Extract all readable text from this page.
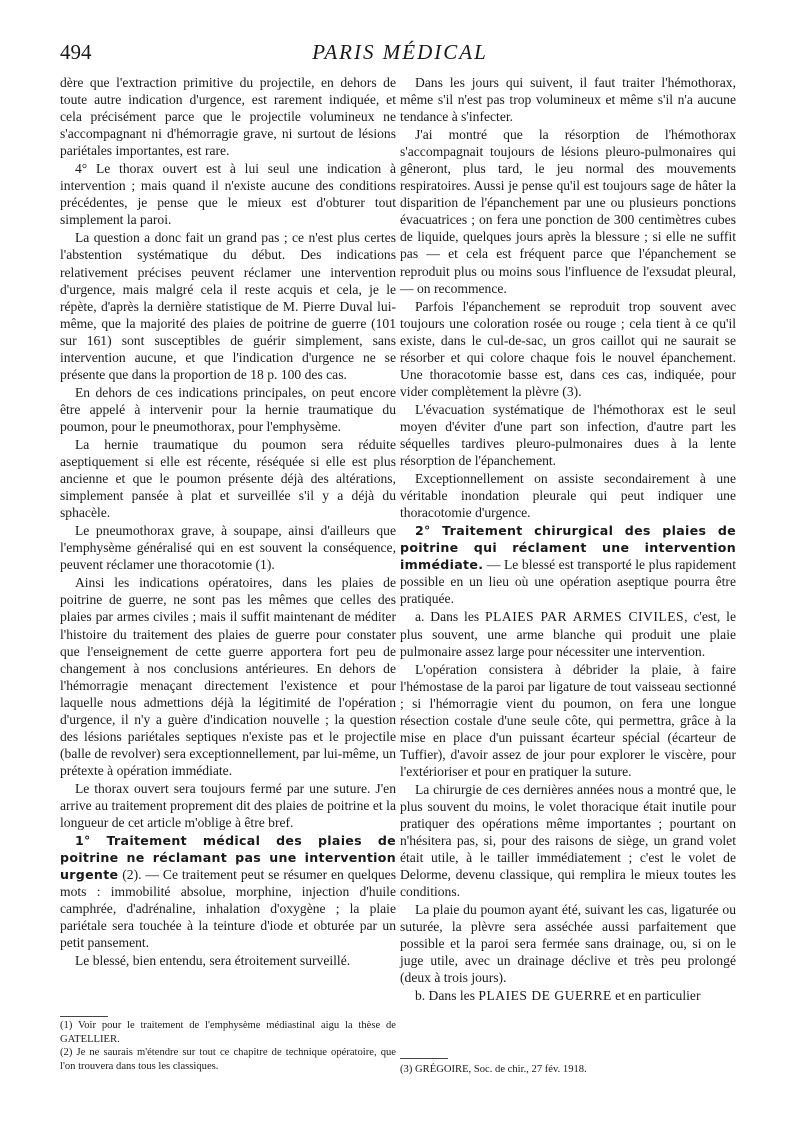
494	PARIS MÉDICAL

dère que l'extraction primitive du projectile, en dehors de toute autre indication d'urgence, est rarement indiquée, et cela précisément parce que le projectile volumineux ne s'accompagnant ni d'hémorragie grave, ni surtout de lésions pariétales importantes, est rare.

4° Le thorax ouvert est à lui seul une indication à intervention ; mais quand il n'existe aucune des conditions précédentes, je pense que le mieux est d'obturer tout simplement la paroi.

La question a donc fait un grand pas ; ce n'est plus certes l'abstention systématique du début. Des indications relativement précises peuvent réclamer une intervention d'urgence, mais malgré cela il reste acquis et cela, je le répète, d'après la dernière statistique de M. Pierre Duval lui-même, que la majorité des plaies de poitrine de guerre (101 sur 161) sont susceptibles de guérir simplement, sans intervention aucune, et que l'indication d'urgence ne se présente que dans la proportion de 18 p. 100 des cas.

En dehors de ces indications principales, on peut encore être appelé à intervenir pour la hernie traumatique du poumon, pour le pneumothorax, pour l'emphysème.

La hernie traumatique du poumon sera réduite aseptiquement si elle est récente, réséquée si elle est plus ancienne et que le poumon présente déjà des altérations, simplement pansée à plat et surveillée s'il y a déjà du sphacèle.

Le pneumothorax grave, à soupape, ainsi d'ailleurs que l'emphysème généralisé qui en est souvent la conséquence, peuvent réclamer une thoracotomie (1).

Ainsi les indications opératoires, dans les plaies de poitrine de guerre, ne sont pas les mêmes que celles des plaies par armes civiles ; mais il suffit maintenant de méditer l'histoire du traitement des plaies de guerre pour constater que l'enseignement de cette guerre apportera fort peu de changement à nos conclusions antérieures. En dehors de l'hémorragie menaçant directement l'existence et pour laquelle nous admettions déjà la légitimité de l'opération d'urgence, il n'y a guère d'indication nouvelle ; la question des lésions pariétales septiques n'existe pas et le projectile (balle de revolver) sera exceptionnellement, par lui-même, un prétexte à opération immédiate.

Le thorax ouvert sera toujours fermé par une suture. J'en arrive au traitement proprement dit des plaies de poitrine et la longueur de cet article m'oblige à être bref.

1° Traitement médical des plaies de poitrine ne réclamant pas une intervention urgente (2). — Ce traitement peut se résumer en quelques mots : immobilité absolue, morphine, injection d'huile camphrée, d'adrénaline, inhalation d'oxygène ; la plaie pariétale sera touchée à la teinture d'iode et obturée par un petit pansement.

Le blessé, bien entendu, sera étroitement surveillé.

(1) Voir pour le traitement de l'emphysème médiastinal aigu la thèse de GATELLIER.

(2) Je ne saurais m'étendre sur tout ce chapitre de technique opératoire, que l'on trouvera dans tous les classiques.

Dans les jours qui suivent, il faut traiter l'hémothorax, même s'il n'est pas trop volumineux et même s'il n'a aucune tendance à s'infecter.

J'ai montré que la résorption de l'hémothorax s'accompagnait toujours de lésions pleuro-pulmonaires qui gêneront, plus tard, le jeu normal des mouvements respiratoires. Aussi je pense qu'il est toujours sage de hâter la disparition de l'épanchement par une ou plusieurs ponctions évacuatrices ; on fera une ponction de 300 centimètres cubes de liquide, quelques jours après la blessure ; si elle ne suffit pas — et cela est fréquent parce que l'épanchement se reproduit plus ou moins sous l'influence de l'exsudat pleural, — on recommence.

Parfois l'épanchement se reproduit trop souvent avec toujours une coloration rosée ou rouge ; cela tient à ce qu'il existe, dans le cul-de-sac, un gros caillot qui ne saurait se résorber et qui colore chaque fois le nouvel épanchement. Une thoracotomie basse est, dans ces cas, indiquée, pour vider complètement la plèvre (3).

L'évacuation systématique de l'hémothorax est le seul moyen d'éviter d'une part son infection, d'autre part les séquelles tardives pleuro-pulmonaires dues à la lente résorption de l'épanchement.

Exceptionnellement on assiste secondairement à une véritable inondation pleurale qui peut indiquer une thoracotomie d'urgence.

2° Traitement chirurgical des plaies de poitrine qui réclament une intervention immédiate. — Le blessé est transporté le plus rapidement possible en un lieu où une opération aseptique pourra être pratiquée.

a. Dans les PLAIES PAR ARMES CIVILES, c'est, le plus souvent, une arme blanche qui produit une plaie pulmonaire assez large pour nécessiter une intervention.

L'opération consistera à débrider la plaie, à faire l'hémostase de la paroi par ligature de tout vaisseau sectionné ; si l'hémorragie vient du poumon, on fera une longue résection costale d'une seule côte, qui permettra, grâce à la mise en place d'un puissant écarteur spécial (écarteur de Tuffier), d'avoir assez de jour pour explorer le viscère, pour l'extérioriser et pour en pratiquer la suture.

La chirurgie de ces dernières années nous a montré que, le plus souvent du moins, le volet thoracique était inutile pour pratiquer des opérations même importantes ; pourtant on n'hésitera pas, si, pour des raisons de siège, un grand volet était utile, à le tailler immédiatement ; c'est le volet de Delorme, devenu classique, qui remplira le mieux toutes les conditions.

La plaie du poumon ayant été, suivant les cas, ligaturée ou suturée, la plèvre sera asséchée aussi parfaitement que possible et la paroi sera fermée sans drainage, ou, si on le juge utile, avec un drainage déclive et très peu prolongé (deux à trois jours).

b. Dans les PLAIES DE GUERRE et en particulier

(3) GRÉGOIRE, Soc. de chir., 27 fév. 1918.
